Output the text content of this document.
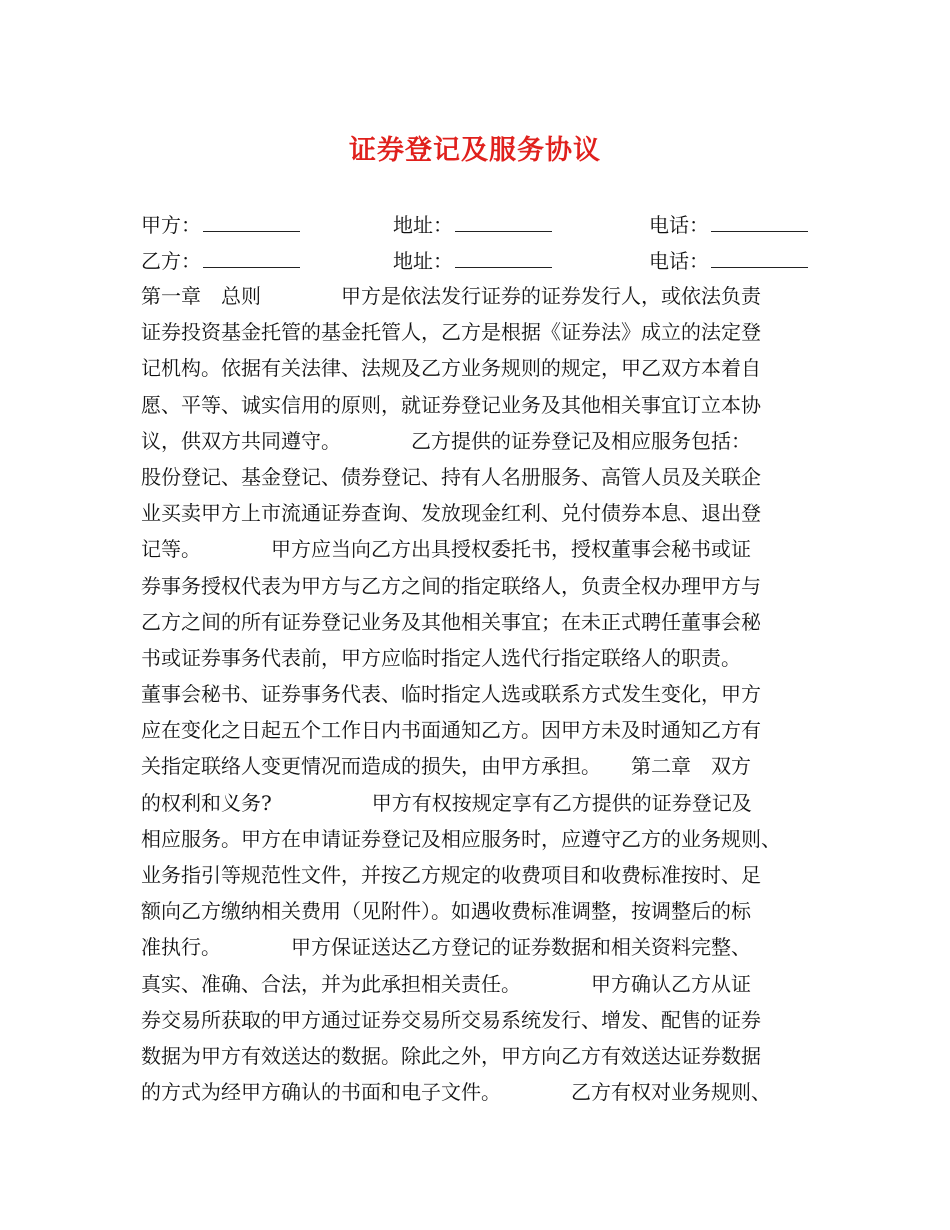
证券登记及服务协议
甲方：	地址：	电话：
乙方：	地址：	电话：
第一章　总则　　　　甲方是依法发行证券的证券发行人，或依法负责
证券投资基金托管的基金托管人，乙方是根据《证券法》成立的法定登
记机构。依据有关法律、法规及乙方业务规则的规定，甲乙双方本着自
愿、平等、诚实信用的原则，就证券登记业务及其他相关事宜订立本协
议，供双方共同遵守。　　　　乙方提供的证券登记及相应服务包括：
股份登记、基金登记、债券登记、持有人名册服务、高管人员及关联企
业买卖甲方上市流通证券查询、发放现金红利、兑付债券本息、退出登
记等。　　　　甲方应当向乙方出具授权委托书，授权董事会秘书或证
券事务授权代表为甲方与乙方之间的指定联络人，负责全权办理甲方与
乙方之间的所有证券登记业务及其他相关事宜；在未正式聘任董事会秘
书或证券事务代表前，甲方应临时指定人选代行指定联络人的职责。
董事会秘书、证券事务代表、临时指定人选或联系方式发生变化，甲方
应在变化之日起五个工作日内书面通知乙方。因甲方未及时通知乙方有
关指定联络人变更情况而造成的损失，由甲方承担。　　第二章　双方
的权利和义务?　　　　　甲方有权按规定享有乙方提供的证券登记及
相应服务。甲方在申请证券登记及相应服务时，应遵守乙方的业务规则、
业务指引等规范性文件，并按乙方规定的收费项目和收费标准按时、足
额向乙方缴纳相关费用（见附件）。如遇收费标准调整，按调整后的标
准执行。　　　　甲方保证送达乙方登记的证券数据和相关资料完整、
真实、准确、合法，并为此承担相关责任。　　　　甲方确认乙方从证
券交易所获取的甲方通过证券交易所交易系统发行、增发、配售的证券
数据为甲方有效送达的数据。除此之外，甲方向乙方有效送达证券数据
的方式为经甲方确认的书面和电子文件。　　　　乙方有权对业务规则、
